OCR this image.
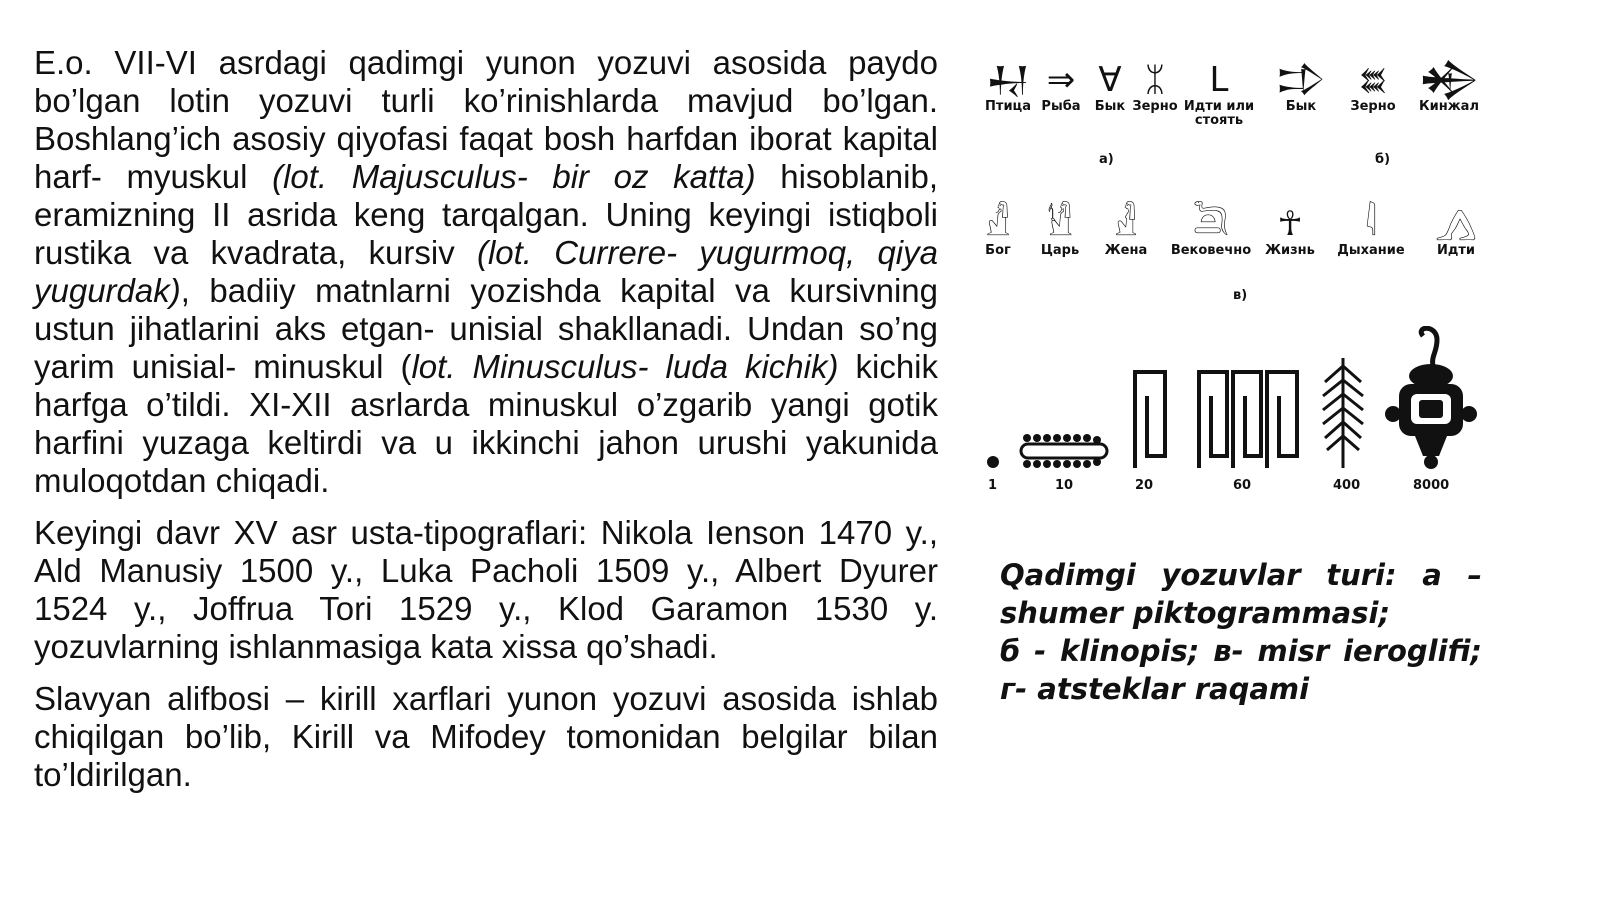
E.o. VII-VI asrdagi qadimgi yunon yozuvi asosida paydo bo’lgan lotin yozuvi turli ko’rinishlarda mavjud bo’lgan. Boshlang’ich asosiy qiyofasi faqat bosh harfdan iborat kapital harf- myuskul (lot. Majusculus- bir oz katta) hisoblanib, eramizning II asrida keng tarqalgan. Uning keyingi istiqboli rustika va kvadrata, kursiv (lot. Currere- yugurmoq, qiya yugurdak), badiiy matnlarni yozishda kapital va kursivning ustun jihatlarini aks etgan- unisial shakllanadi. Undan so’ng yarim unisial- minuskul (lot. Minusculus- luda kichik) kichik harfga o’tildi. XI-XII asrlarda minuskul o’zgarib yangi gotik harfini yuzaga keltirdi va u ikkinchi jahon urushi yakunida muloqotdan chiqadi.

Keyingi davr XV asr usta-tipograflari: Nikola Ienson 1470 y., Ald Manusiy 1500 y., Luka Pacholi 1509 y., Albert Dyurer 1524 y., Joffrua Tori 1529 y., Klod Garamon 1530 y. yozuvlarning ishlanmasiga kata xissa qo’shadi.

Slavyan alifbosi – kirill xarflari yunon yozuvi asosida ishlab chiqilgan bo’lib, Kirill va Mifodey tomonidan belgilar bilan to’ldirilgan.

𒄷
Птица
⇒
Рыба
∀
Бык
ᛯ
Зерно
ᒪ
Идти или стоять
𒄞
Бык
𒊺
Зерно
𒄈
Кинжал
а)	б)
𓀭
Бог
𓀮
Царь
𓁐
Жена
𓆖
Вековечно
☥
Жизнь
𓇋
Дыхание
𓂻
Идти
в)
1	10	20	60	400	8000
Qadimgi yozuvlar turi: а – shumer piktogrammasi;
б - klinopis; в- misr ieroglifi; г- atsteklar raqami
